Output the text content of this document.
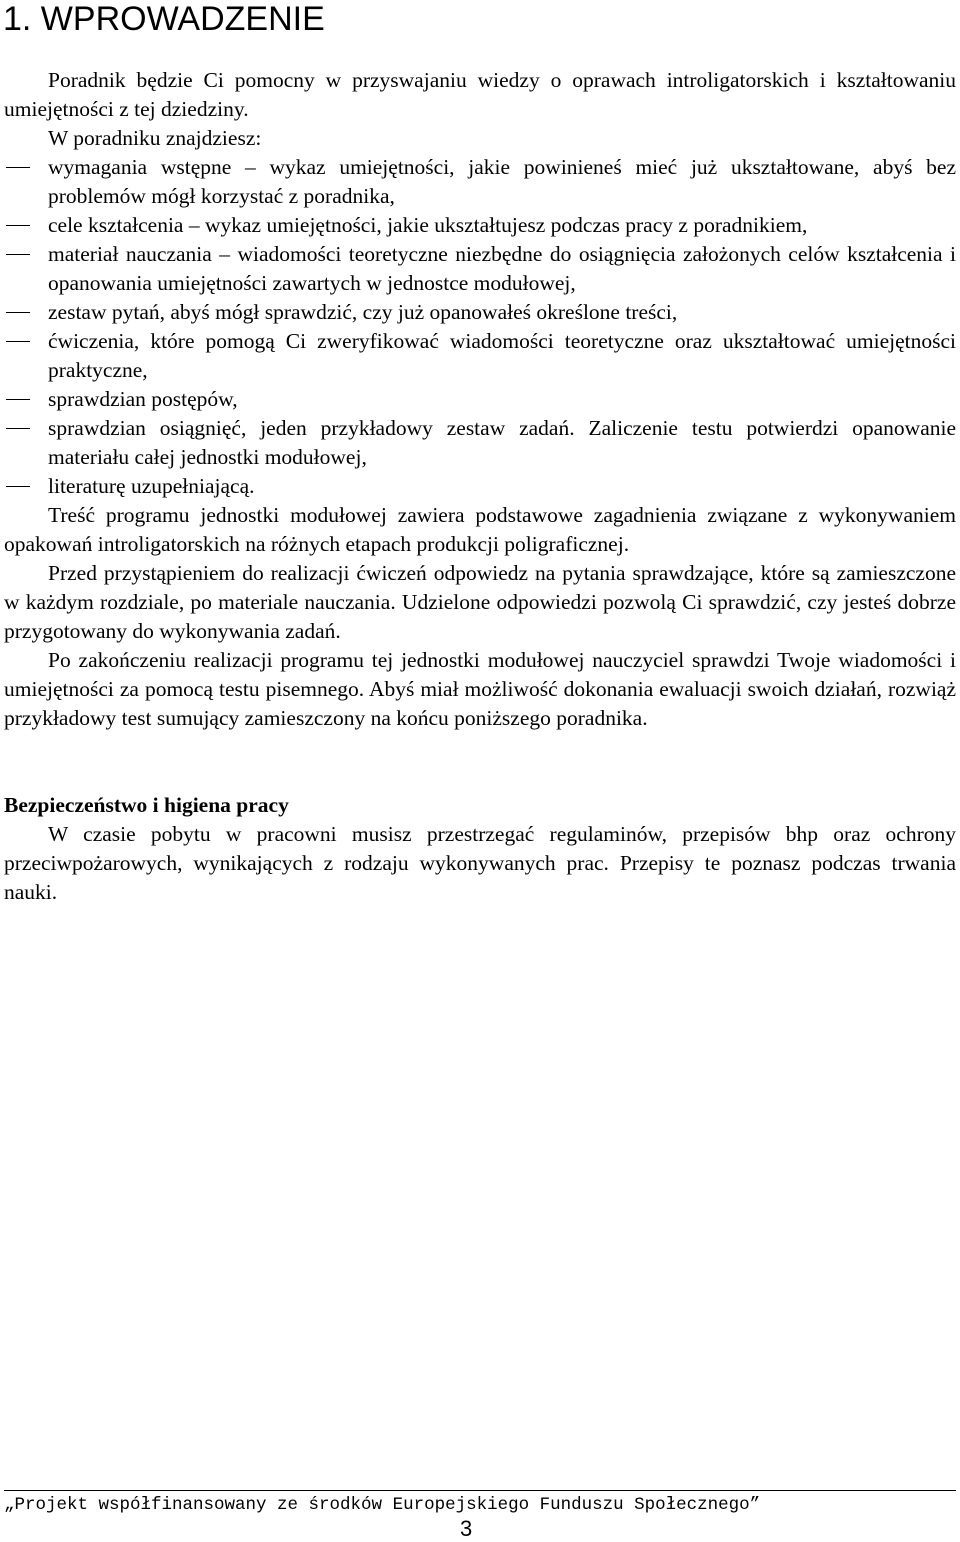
1. WPROWADZENIE

Poradnik będzie Ci pomocny w przyswajaniu wiedzy o oprawach introligatorskich i kształtowaniu umiejętności z tej dziedziny.

W poradniku znajdziesz:

wymagania wstępne – wykaz umiejętności, jakie powinieneś mieć już ukształtowane, abyś bez problemów mógł korzystać z poradnika,

cele kształcenia – wykaz umiejętności, jakie ukształtujesz podczas pracy z poradnikiem,

materiał nauczania – wiadomości teoretyczne niezbędne do osiągnięcia założonych celów kształcenia i opanowania umiejętności zawartych w jednostce modułowej,

zestaw pytań, abyś mógł sprawdzić, czy już opanowałeś określone treści,

ćwiczenia, które pomogą Ci zweryfikować wiadomości teoretyczne oraz ukształtować umiejętności praktyczne,

sprawdzian postępów,

sprawdzian osiągnięć, jeden przykładowy zestaw zadań. Zaliczenie testu potwierdzi opanowanie materiału całej jednostki modułowej,

literaturę uzupełniającą.

Treść programu jednostki modułowej zawiera podstawowe zagadnienia związane z wykonywaniem opakowań introligatorskich na różnych etapach produkcji poligraficznej.

Przed przystąpieniem do realizacji ćwiczeń odpowiedz na pytania sprawdzające, które są zamieszczone w każdym rozdziale, po materiale nauczania. Udzielone odpowiedzi pozwolą Ci sprawdzić, czy jesteś dobrze przygotowany do wykonywania zadań.

Po zakończeniu realizacji programu tej jednostki modułowej nauczyciel sprawdzi Twoje wiadomości i umiejętności za pomocą testu pisemnego. Abyś miał możliwość dokonania ewaluacji swoich działań, rozwiąż przykładowy test sumujący zamieszczony na końcu poniższego poradnika.

Bezpieczeństwo i higiena pracy

W czasie pobytu w pracowni musisz przestrzegać regulaminów, przepisów bhp oraz ochrony przeciwpożarowych, wynikających z rodzaju wykonywanych prac. Przepisy te poznasz podczas trwania nauki.

„Projekt współfinansowany ze środków Europejskiego Funduszu Społecznego”
3
